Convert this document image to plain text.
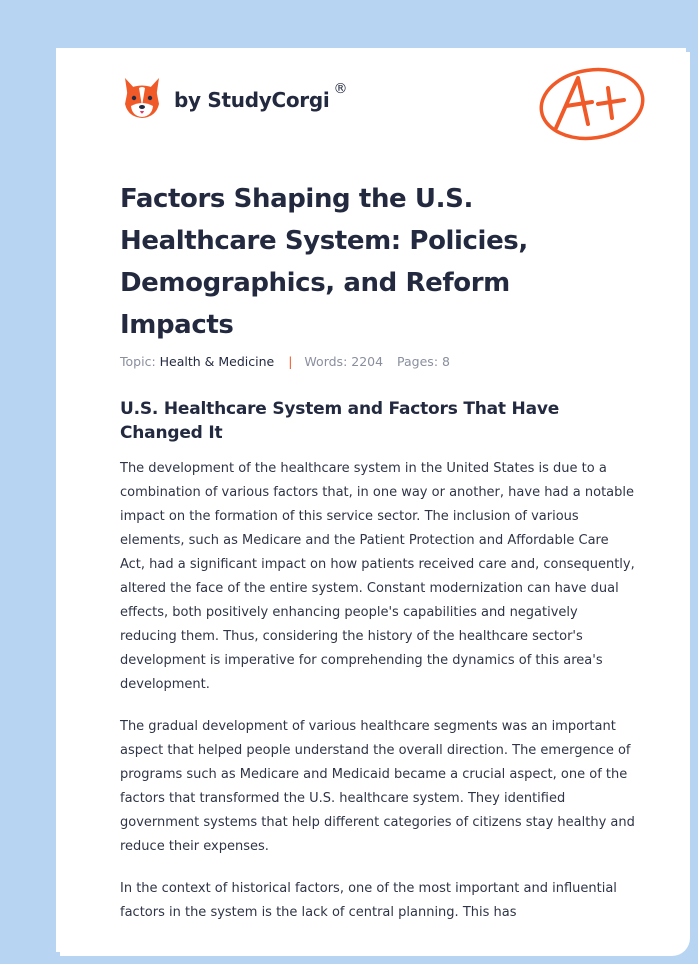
by StudyCorgi ®
Factors Shaping the U.S. Healthcare System: Policies, Demographics, and Reform Impacts
Topic: Health & Medicine | Words: 2204 Pages: 8
U.S. Healthcare System and Factors That Have Changed It

The development of the healthcare system in the United States is due to a combination of various factors that, in one way or another, have had a notable impact on the formation of this service sector. The inclusion of various elements, such as Medicare and the Patient Protection and Affordable Care Act, had a significant impact on how patients received care and, consequently, altered the face of the entire system. Constant modernization can have dual effects, both positively enhancing people's capabilities and negatively reducing them. Thus, considering the history of the healthcare sector's development is imperative for comprehending the dynamics of this area's development.

The gradual development of various healthcare segments was an important aspect that helped people understand the overall direction. The emergence of programs such as Medicare and Medicaid became a crucial aspect, one of the factors that transformed the U.S. healthcare system. They identified government systems that help different categories of citizens stay healthy and reduce their expenses.

In the context of historical factors, one of the most important and influential factors in the system is the lack of central planning. This has
